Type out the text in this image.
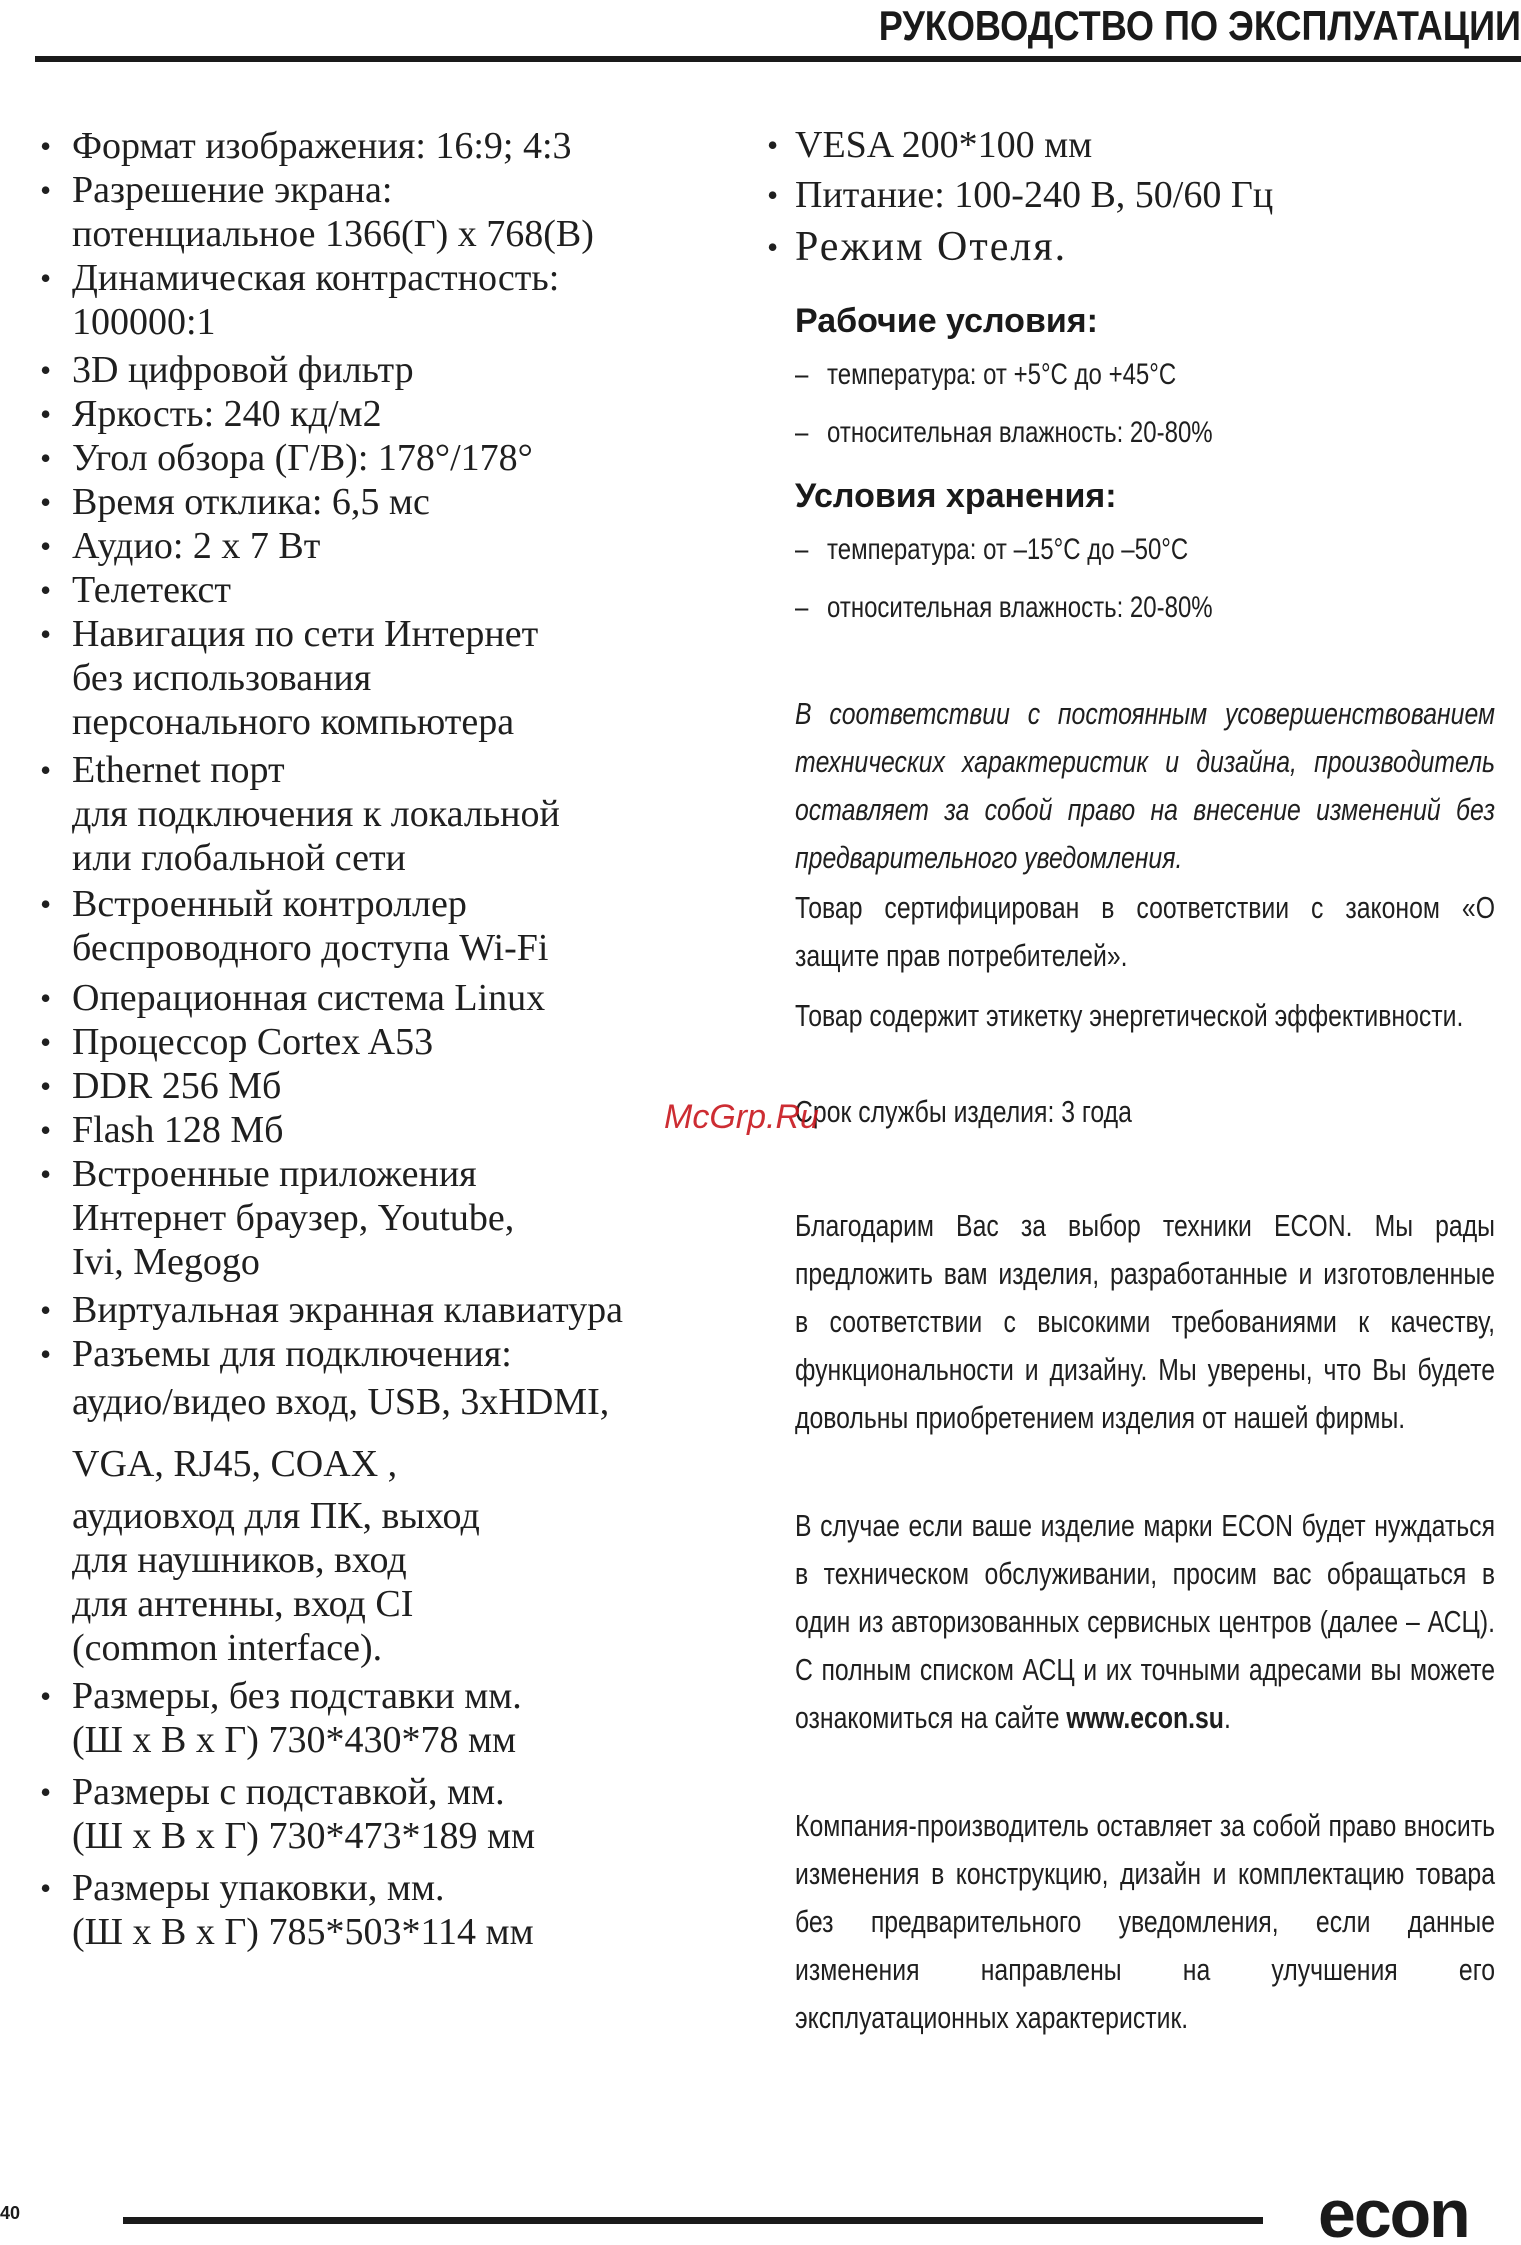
РУКОВОДСТВО ПО ЭКСПЛУАТАЦИИ
• Формат изображения: 16:9; 4:3
• Разрешение экрана:
потенциальное 1366(Г) х 768(В)
• Динамическая контрастность:
100000:1
• 3D цифровой фильтр
• Яркость: 240 кд/м2
• Угол обзора (Г/В): 178°/178°
• Время отклика: 6,5 мс
• Аудио: 2 х 7 Вт
• Телетекст
• Навигация по сети Интернет
без использования
персонального компьютера
• Ethernet порт
для подключения к локальной
или глобальной сети
• Встроенный контроллер
беспроводного доступа Wi-Fi
• Операционная система Linux
• Процессор Cortex A53
• DDR 256 Мб
• Flash 128 Мб
• Встроенные приложения
Интернет браузер, Youtube,
Ivi, Megogo
• Виртуальная экранная клавиатура
• Разъемы для подключения:
аудио/видео вход, USB, 3xHDMI,
VGA, RJ45, COAX ,
аудиовход для ПК, выход
для наушников, вход
для антенны, вход CI
(common interface).
• Размеры, без подставки мм.
(Ш х В х Г) 730*430*78 мм
• Размеры с подставкой, мм.
(Ш х В х Г) 730*473*189 мм
• Размеры упаковки, мм.
(Ш х В х Г) 785*503*114 мм
• VESA 200*100 мм
• Питание: 100-240 В, 50/60 Гц
• Режим Отеля.
Рабочие условия:
– температура: от +5°С до +45°С
– относительная влажность: 20-80%
Условия хранения:
– температура: от –15°С до –50°С
– относительная влажность: 20-80%

В соответствии с постоянным усовершенствованием технических характеристик и дизайна, производитель оставляет за собой право на внесение изменений без предварительного уведомления.

Товар сертифицирован в соответствии с законом «О защите прав потребителей».

Товар содержит этикетку энергетической эффективности.

Срок службы изделия: 3 года

Благодарим Вас за выбор техники ECON. Мы рады предложить вам изделия, разработанные и изготовленные в соответствии с высокими требованиями к качеству, функциональности и дизайну. Мы уверены, что Вы будете довольны приобретением изделия от нашей фирмы.

В случае если ваше изделие марки ECON будет нуждаться в техническом обслуживании, просим вас обращаться в один из авторизованных сервисных центров (далее – АСЦ). С полным списком АСЦ и их точными адресами вы можете ознакомиться на сайте www.econ.su.

Компания-производитель оставляет за собой право вносить изменения в конструкцию, дизайн и комплектацию товара без предварительного уведомления, если данные изменения направлены на улучшения его эксплуатационных характеристик.

McGrp.Ru
40	econ
